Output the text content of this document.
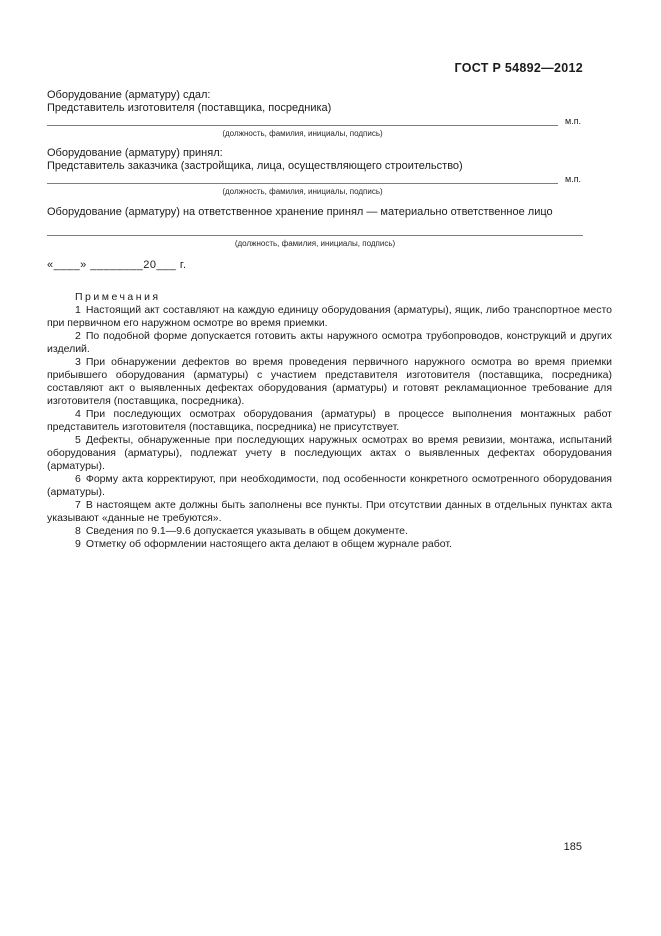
ГОСТ Р 54892—2012
Оборудование (арматуру) сдал:
Представитель изготовителя (поставщика, посредника)
м.п.
(должность, фамилия, инициалы, подпись)
Оборудование (арматуру) принял:
Представитель заказчика (застройщика, лица, осуществляющего строительство)
м.п.
(должность, фамилия, инициалы, подпись)
Оборудование (арматуру) на ответственное хранение принял — материально ответственное лицо
(должность, фамилия, инициалы, подпись)
«____» ________20___ г.
Примечания

1 Настоящий акт составляют на каждую единицу оборудования (арматуры), ящик, либо транспортное место при первичном его наружном осмотре во время приемки.

2 По подобной форме допускается готовить акты наружного осмотра трубопроводов, конструкций и других изделий.

3 При обнаружении дефектов во время проведения первичного наружного осмотра во время приемки прибывшего оборудования (арматуры) с участием представителя изготовителя (поставщика, посредника) составляют акт о выявленных дефектах оборудования (арматуры) и готовят рекламационное требование для изготовителя (поставщика, посредника).

4 При последующих осмотрах оборудования (арматуры) в процессе выполнения монтажных работ представитель изготовителя (поставщика, посредника) не присутствует.

5 Дефекты, обнаруженные при последующих наружных осмотрах во время ревизии, монтажа, испытаний оборудования (арматуры), подлежат учету в последующих актах о выявленных дефектах оборудования (арматуры).

6 Форму акта корректируют, при необходимости, под особенности конкретного осмотренного оборудования (арматуры).

7 В настоящем акте должны быть заполнены все пункты. При отсутствии данных в отдельных пунктах акта указывают «данные не требуются».

8 Сведения по 9.1—9.6 допускается указывать в общем документе.

9 Отметку об оформлении настоящего акта делают в общем журнале работ.

185
